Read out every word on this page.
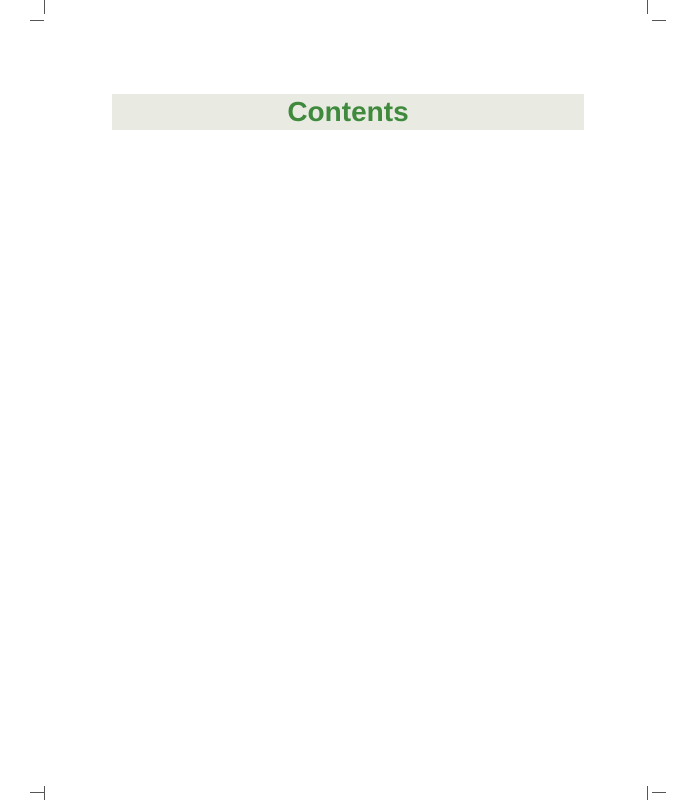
Contents
